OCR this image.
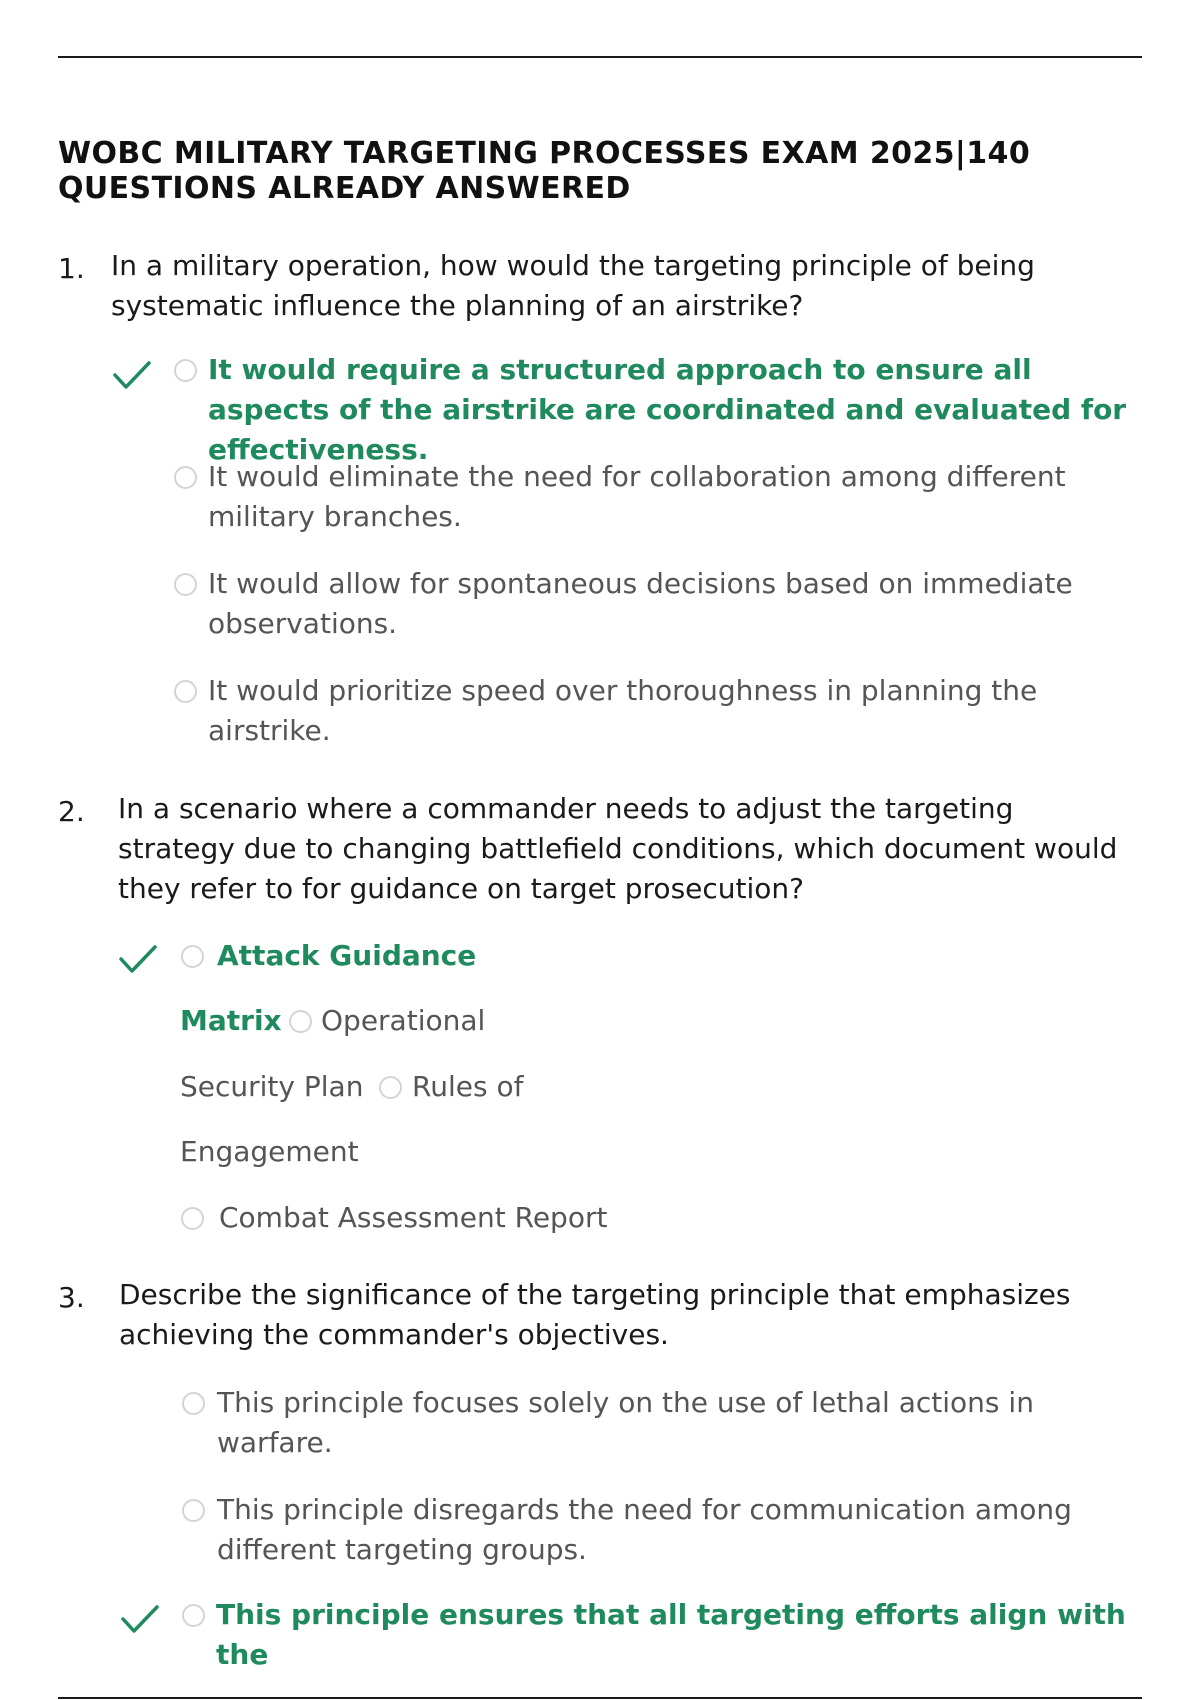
WOBC MILITARY TARGETING PROCESSES EXAM 2025|140 QUESTIONS ALREADY ANSWERED
1. In a military operation, how would the targeting principle of being systematic influence the planning of an airstrike?
It would require a structured approach to ensure all aspects of the airstrike are coordinated and evaluated for effectiveness.
It would eliminate the need for collaboration among different military branches.
It would allow for spontaneous decisions based on immediate observations.
It would prioritize speed over thoroughness in planning the airstrike.
2. In a scenario where a commander needs to adjust the targeting strategy due to changing battlefield conditions, which document would they refer to for guidance on target prosecution?
Attack Guidance
Matrix Operational
Security Plan Rules of
Engagement
Combat Assessment Report
3. Describe the significance of the targeting principle that emphasizes achieving the commander's objectives.
This principle focuses solely on the use of lethal actions in warfare.
This principle disregards the need for communication among different targeting groups.
This principle ensures that all targeting efforts align with the
